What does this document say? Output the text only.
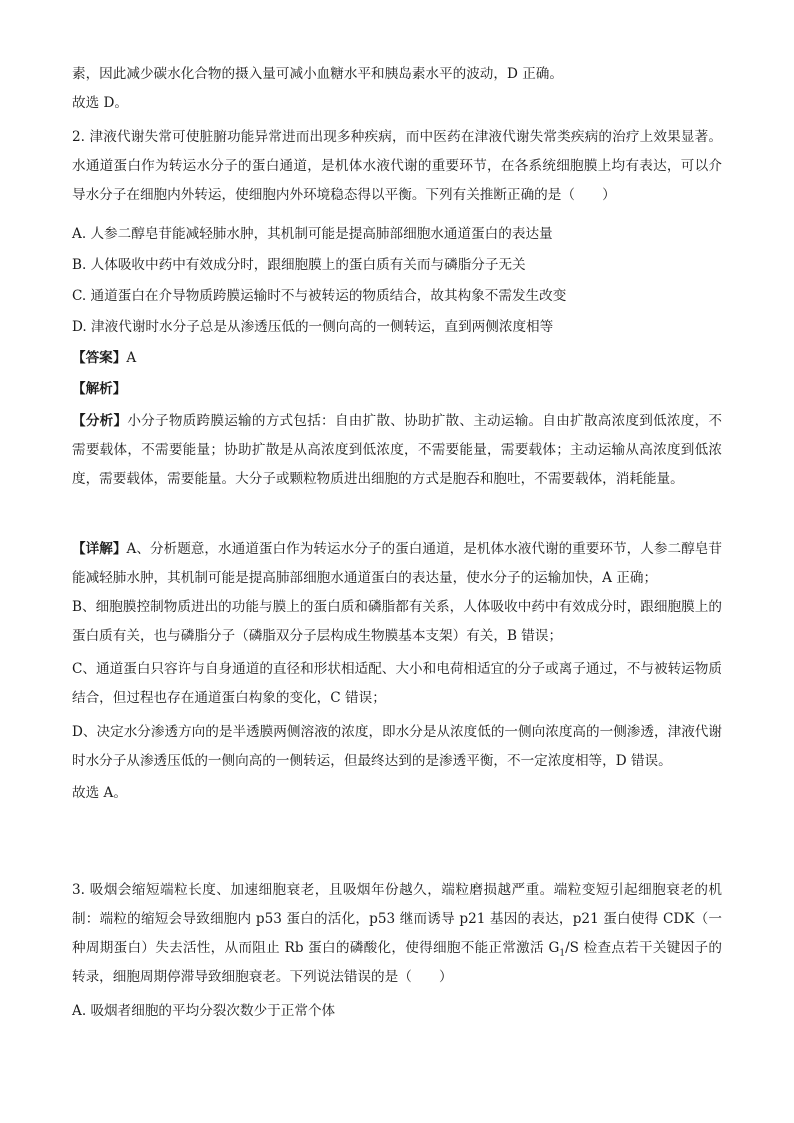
素，因此减少碳水化合物的摄入量可减小血糖水平和胰岛素水平的波动，D 正确。

故选 D。

2. 津液代谢失常可使脏腑功能异常进而出现多种疾病，而中医药在津液代谢失常类疾病的治疗上效果显著。水通道蛋白作为转运水分子的蛋白通道，是机体水液代谢的重要环节，在各系统细胞膜上均有表达，可以介导水分子在细胞内外转运，使细胞内外环境稳态得以平衡。下列有关推断正确的是（　　）

A. 人参二醇皂苷能减轻肺水肿，其机制可能是提高肺部细胞水通道蛋白的表达量

B. 人体吸收中药中有效成分时，跟细胞膜上的蛋白质有关而与磷脂分子无关

C. 通道蛋白在介导物质跨膜运输时不与被转运的物质结合，故其构象不需发生改变

D. 津液代谢时水分子总是从渗透压低的一侧向高的一侧转运，直到两侧浓度相等

【答案】A

【解析】

【分析】小分子物质跨膜运输的方式包括：自由扩散、协助扩散、主动运输。自由扩散高浓度到低浓度，不需要载体，不需要能量；协助扩散是从高浓度到低浓度，不需要能量，需要载体；主动运输从高浓度到低浓度，需要载体，需要能量。大分子或颗粒物质进出细胞的方式是胞吞和胞吐，不需要载体，消耗能量。

【详解】A、分析题意，水通道蛋白作为转运水分子的蛋白通道，是机体水液代谢的重要环节，人参二醇皂苷能减轻肺水肿，其机制可能是提高肺部细胞水通道蛋白的表达量，使水分子的运输加快，A 正确；

B、细胞膜控制物质进出的功能与膜上的蛋白质和磷脂都有关系，人体吸收中药中有效成分时，跟细胞膜上的蛋白质有关，也与磷脂分子（磷脂双分子层构成生物膜基本支架）有关，B 错误；

C、通道蛋白只容许与自身通道的直径和形状相适配、大小和电荷相适宜的分子或离子通过，不与被转运物质结合，但过程也存在通道蛋白构象的变化，C 错误；

D、决定水分渗透方向的是半透膜两侧溶液的浓度，即水分是从浓度低的一侧向浓度高的一侧渗透，津液代谢时水分子从渗透压低的一侧向高的一侧转运，但最终达到的是渗透平衡，不一定浓度相等，D 错误。

故选 A。

3. 吸烟会缩短端粒长度、加速细胞衰老，且吸烟年份越久，端粒磨损越严重。端粒变短引起细胞衰老的机制：端粒的缩短会导致细胞内 p53 蛋白的活化，p53 继而诱导 p21 基因的表达，p21 蛋白使得 CDK（一种周期蛋白）失去活性，从而阻止 Rb 蛋白的磷酸化，使得细胞不能正常激活 $G_1/S$ 检查点若干关键因子的转录，细胞周期停滞导致细胞衰老。下列说法错误的是（　　）

A. 吸烟者细胞的平均分裂次数少于正常个体
